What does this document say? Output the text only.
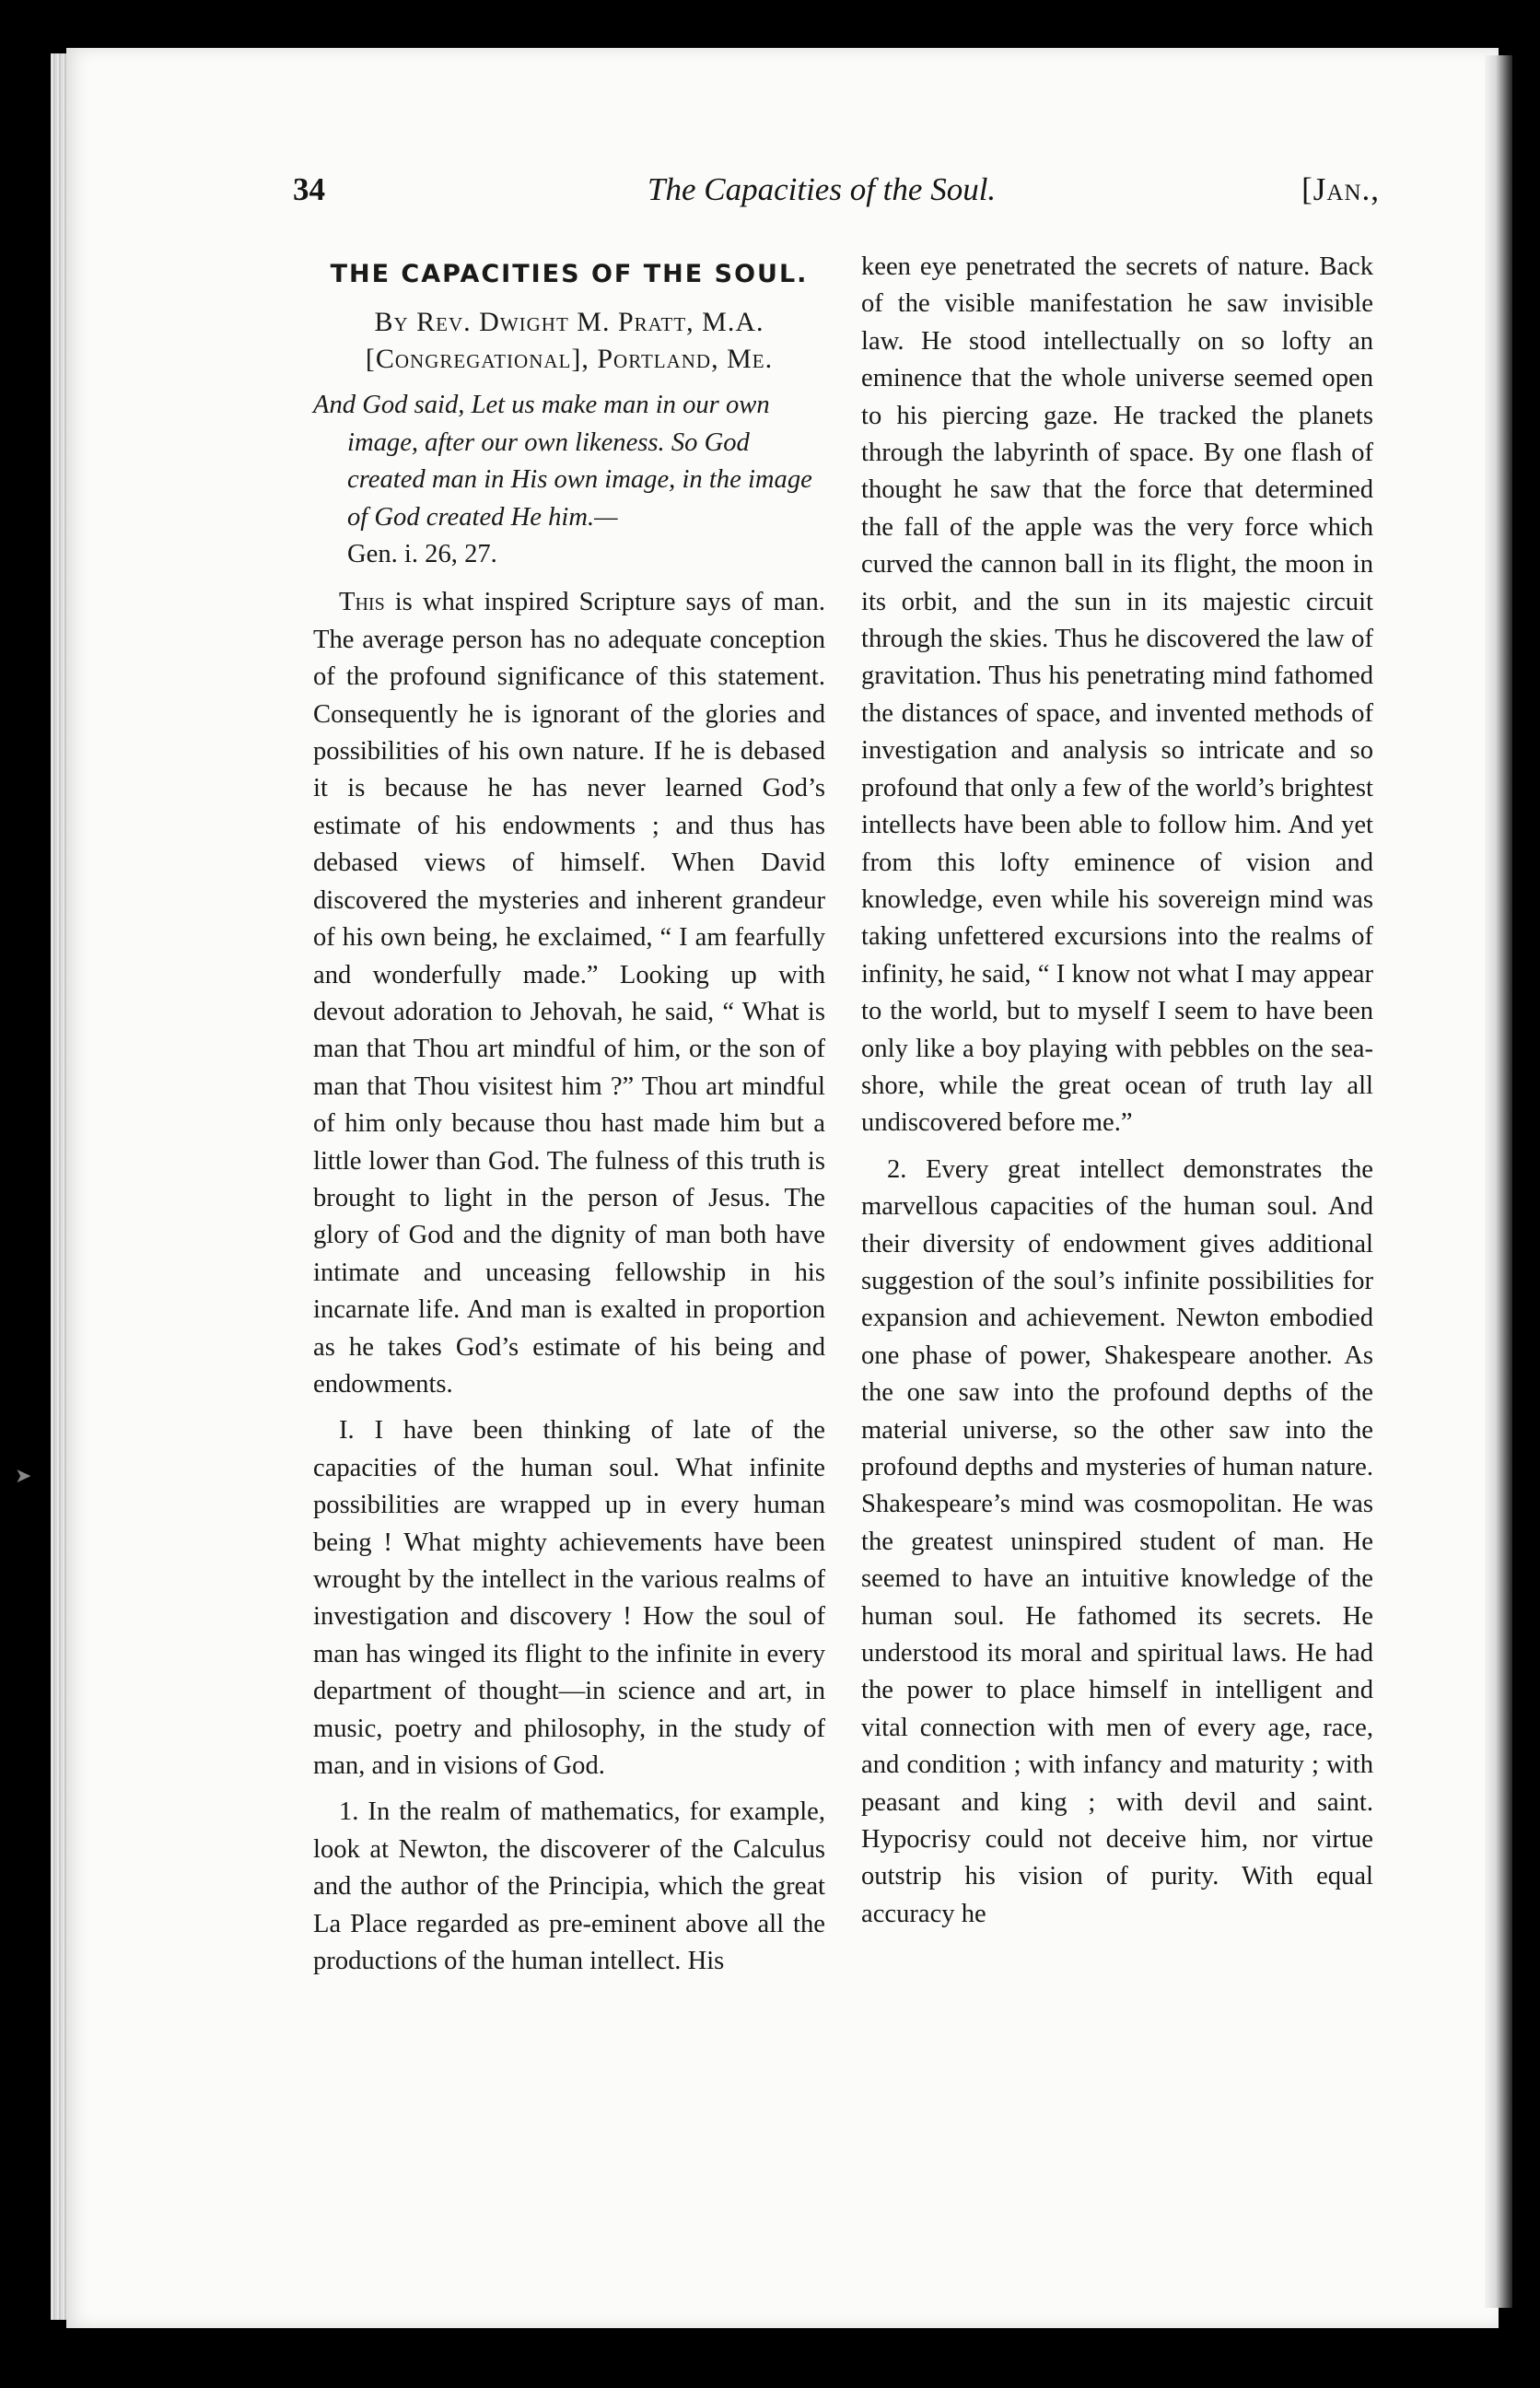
➤
34	The Capacities of the Soul.	[Jan.,
THE CAPACITIES OF THE SOUL.

By Rev. Dwight M. Pratt, M.A.

[Congregational], Portland, Me.

And God said, Let us make man in our own image, after our own likeness. So God created man in His own image, in the image of God created He him.—
Gen. i. 26, 27.

This is what inspired Scripture says of man. The average person has no adequate conception of the profound significance of this statement. Consequently he is ignorant of the glories and possibilities of his own nature. If he is debased it is because he has never learned God’s estimate of his endowments ; and thus has debased views of himself. When David discovered the mysteries and inherent grandeur of his own being, he exclaimed, “ I am fearfully and wonderfully made.” Looking up with devout adoration to Jehovah, he said, “ What is man that Thou art mindful of him, or the son of man that Thou visitest him ?” Thou art mindful of him only because thou hast made him but a little lower than God. The fulness of this truth is brought to light in the person of Jesus. The glory of God and the dignity of man both have intimate and unceasing fellowship in his incarnate life. And man is exalted in proportion as he takes God’s estimate of his being and endowments.

I. I have been thinking of late of the capacities of the human soul. What infinite possibilities are wrapped up in every human being ! What mighty achievements have been wrought by the intellect in the various realms of investigation and discovery ! How the soul of man has winged its flight to the infinite in every department of thought—in science and art, in music, poetry and philosophy, in the study of man, and in visions of God.

1. In the realm of mathematics, for example, look at Newton, the discoverer of the Calculus and the author of the Principia, which the great La Place regarded as pre-eminent above all the productions of the human intellect. His

keen eye penetrated the secrets of nature. Back of the visible manifestation he saw invisible law. He stood intellectually on so lofty an eminence that the whole universe seemed open to his piercing gaze. He tracked the planets through the labyrinth of space. By one flash of thought he saw that the force that determined the fall of the apple was the very force which curved the cannon ball in its flight, the moon in its orbit, and the sun in its majestic circuit through the skies. Thus he discovered the law of gravitation. Thus his penetrating mind fathomed the distances of space, and invented methods of investigation and analysis so intricate and so profound that only a few of the world’s brightest intellects have been able to follow him. And yet from this lofty eminence of vision and knowledge, even while his sovereign mind was taking unfettered excursions into the realms of infinity, he said, “ I know not what I may appear to the world, but to myself I seem to have been only like a boy playing with pebbles on the sea-shore, while the great ocean of truth lay all undiscovered before me.”

2. Every great intellect demonstrates the marvellous capacities of the human soul. And their diversity of endowment gives additional suggestion of the soul’s infinite possibilities for expansion and achievement. Newton embodied one phase of power, Shakespeare another. As the one saw into the profound depths of the material universe, so the other saw into the profound depths and mysteries of human nature. Shakespeare’s mind was cosmopolitan. He was the greatest uninspired student of man. He seemed to have an intuitive knowledge of the human soul. He fathomed its secrets. He understood its moral and spiritual laws. He had the power to place himself in intelligent and vital connection with men of every age, race, and condition ; with infancy and maturity ; with peasant and king ; with devil and saint. Hypocrisy could not deceive him, nor virtue outstrip his vision of purity. With equal accuracy he
